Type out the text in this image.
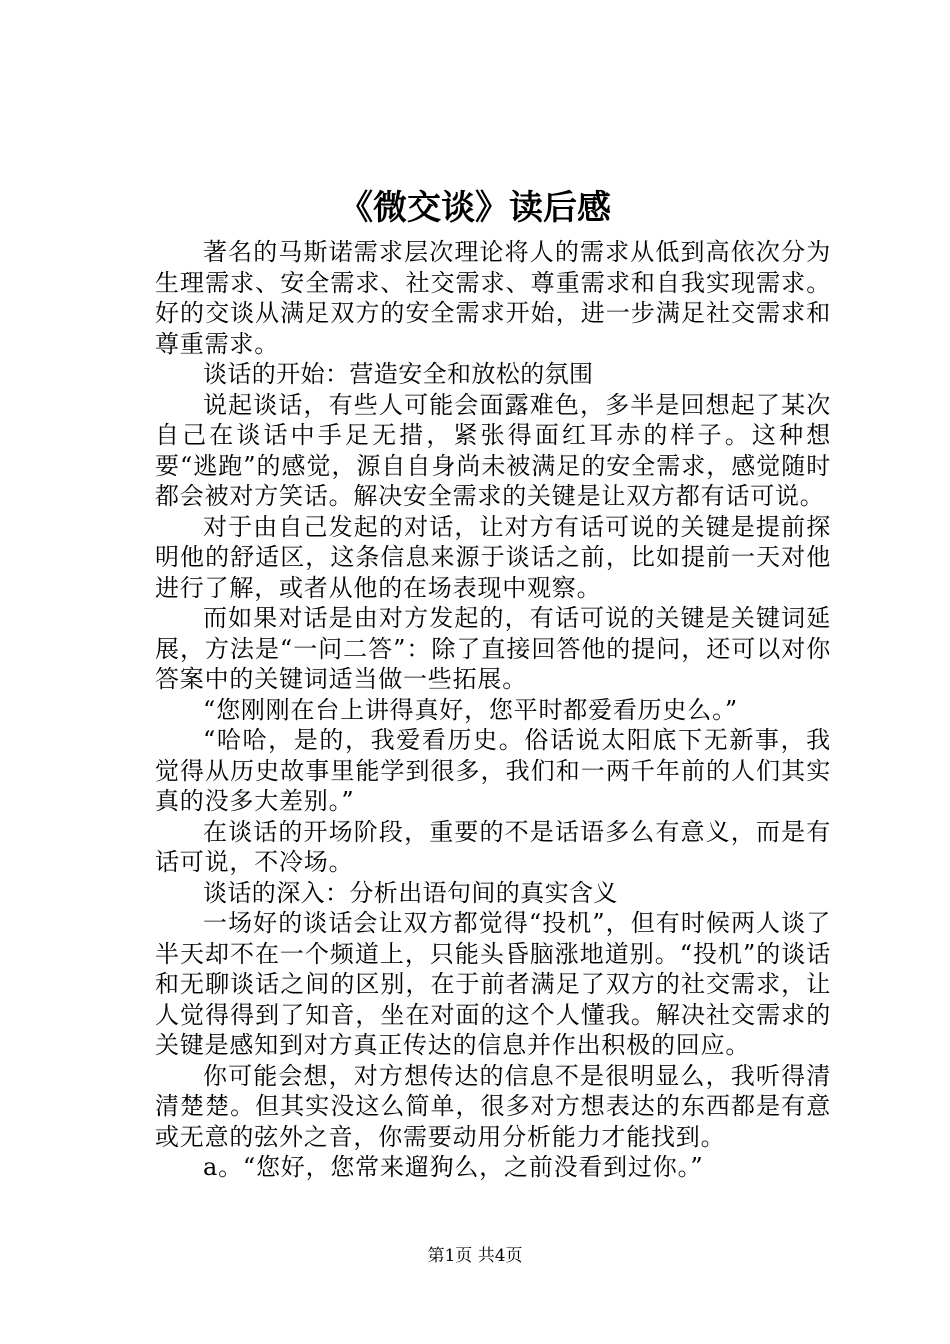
《微交谈》读后感

著名的马斯诺需求层次理论将人的需求从低到高依次分为生理需求、安全需求、社交需求、尊重需求和自我实现需求。好的交谈从满足双方的安全需求开始，进一步满足社交需求和尊重需求。

谈话的开始：营造安全和放松的氛围

说起谈话，有些人可能会面露难色，多半是回想起了某次自己在谈话中手足无措，紧张得面红耳赤的样子。这种想要“逃跑”的感觉，源自自身尚未被满足的安全需求，感觉随时都会被对方笑话。解决安全需求的关键是让双方都有话可说。

对于由自己发起的对话，让对方有话可说的关键是提前探明他的舒适区，这条信息来源于谈话之前，比如提前一天对他进行了解，或者从他的在场表现中观察。

而如果对话是由对方发起的，有话可说的关键是关键词延展，方法是“一问二答”：除了直接回答他的提问，还可以对你答案中的关键词适当做一些拓展。

“您刚刚在台上讲得真好，您平时都爱看历史么。”

“哈哈，是的，我爱看历史。俗话说太阳底下无新事，我觉得从历史故事里能学到很多，我们和一两千年前的人们其实真的没多大差别。”

在谈话的开场阶段，重要的不是话语多么有意义，而是有话可说，不冷场。

谈话的深入：分析出语句间的真实含义

一场好的谈话会让双方都觉得“投机”，但有时候两人谈了半天却不在一个频道上，只能头昏脑涨地道别。“投机”的谈话和无聊谈话之间的区别，在于前者满足了双方的社交需求，让人觉得得到了知音，坐在对面的这个人懂我。解决社交需求的关键是感知到对方真正传达的信息并作出积极的回应。

你可能会想，对方想传达的信息不是很明显么，我听得清清楚楚。但其实没这么简单，很多对方想表达的东西都是有意或无意的弦外之音，你需要动用分析能力才能找到。

a。“您好，您常来遛狗么，之前没看到过你。”

第1页 共4页
